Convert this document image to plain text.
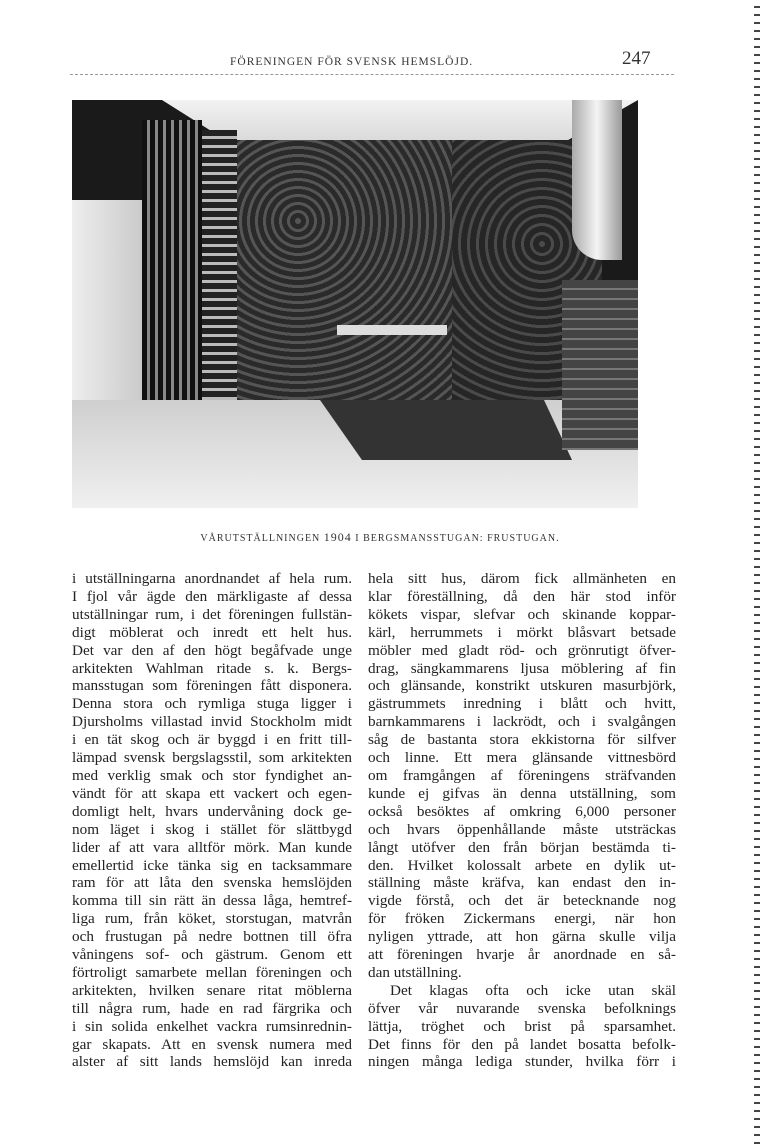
FÖRENINGEN FÖR SVENSK HEMSLÖJD.	247
VÅRUTSTÄLLNINGEN 1904 I BERGSMANSSTUGAN: FRUSTUGAN.
i utställningarna anordnandet af hela rum.
I fjol vår ägde den märkligaste af dessa
utställningar rum, i det föreningen fullstän-
digt möblerat och inredt ett helt hus.
Det var den af den högt begåfvade unge
arkitekten Wahlman ritade s. k. Bergs-
mansstugan som föreningen fått disponera.
Denna stora och rymliga stuga ligger i
Djursholms villastad invid Stockholm midt
i en tät skog och är byggd i en fritt till-
lämpad svensk bergslagsstil, som arkitekten
med verklig smak och stor fyndighet an-
vändt för att skapa ett vackert och egen-
domligt helt, hvars undervåning dock ge-
nom läget i skog i stället för slättbygd
lider af att vara alltför mörk. Man kunde
emellertid icke tänka sig en tacksammare
ram för att låta den svenska hemslöjden
komma till sin rätt än dessa låga, hemtref-
liga rum, från köket, storstugan, matvrån
och frustugan på nedre bottnen till öfra
våningens sof- och gästrum. Genom ett
förtroligt samarbete mellan föreningen och
arkitekten, hvilken senare ritat möblerna
till några rum, hade en rad färgrika och
i sin solida enkelhet vackra rumsinrednin-
gar skapats. Att en svensk numera med
alster af sitt lands hemslöjd kan inreda
hela sitt hus, därom fick allmänheten en
klar föreställning, då den här stod inför
kökets vispar, slefvar och skinande koppar-
kärl, herrummets i mörkt blåsvart betsade
möbler med gladt röd- och grönrutigt öfver-
drag, sängkammarens ljusa möblering af fin
och glänsande, konstrikt utskuren masurbjörk,
gästrummets inredning i blått och hvitt,
barnkammarens i lackrödt, och i svalgången
såg de bastanta stora ekkistorna för silfver
och linne. Ett mera glänsande vittnesbörd
om framgången af föreningens sträfvanden
kunde ej gifvas än denna utställning, som
också besöktes af omkring 6,000 personer
och hvars öppenhållande måste utsträckas
långt utöfver den från början bestämda ti-
den. Hvilket kolossalt arbete en dylik ut-
ställning måste kräfva, kan endast den in-
vigde förstå, och det är betecknande nog
för fröken Zickermans energi, när hon
nyligen yttrade, att hon gärna skulle vilja
att föreningen hvarje år anordnade en så-
dan utställning.
Det klagas ofta och icke utan skäl
öfver vår nuvarande svenska befolknings
lättja, tröghet och brist på sparsamhet.
Det finns för den på landet bosatta befolk-
ningen många lediga stunder, hvilka förr i
